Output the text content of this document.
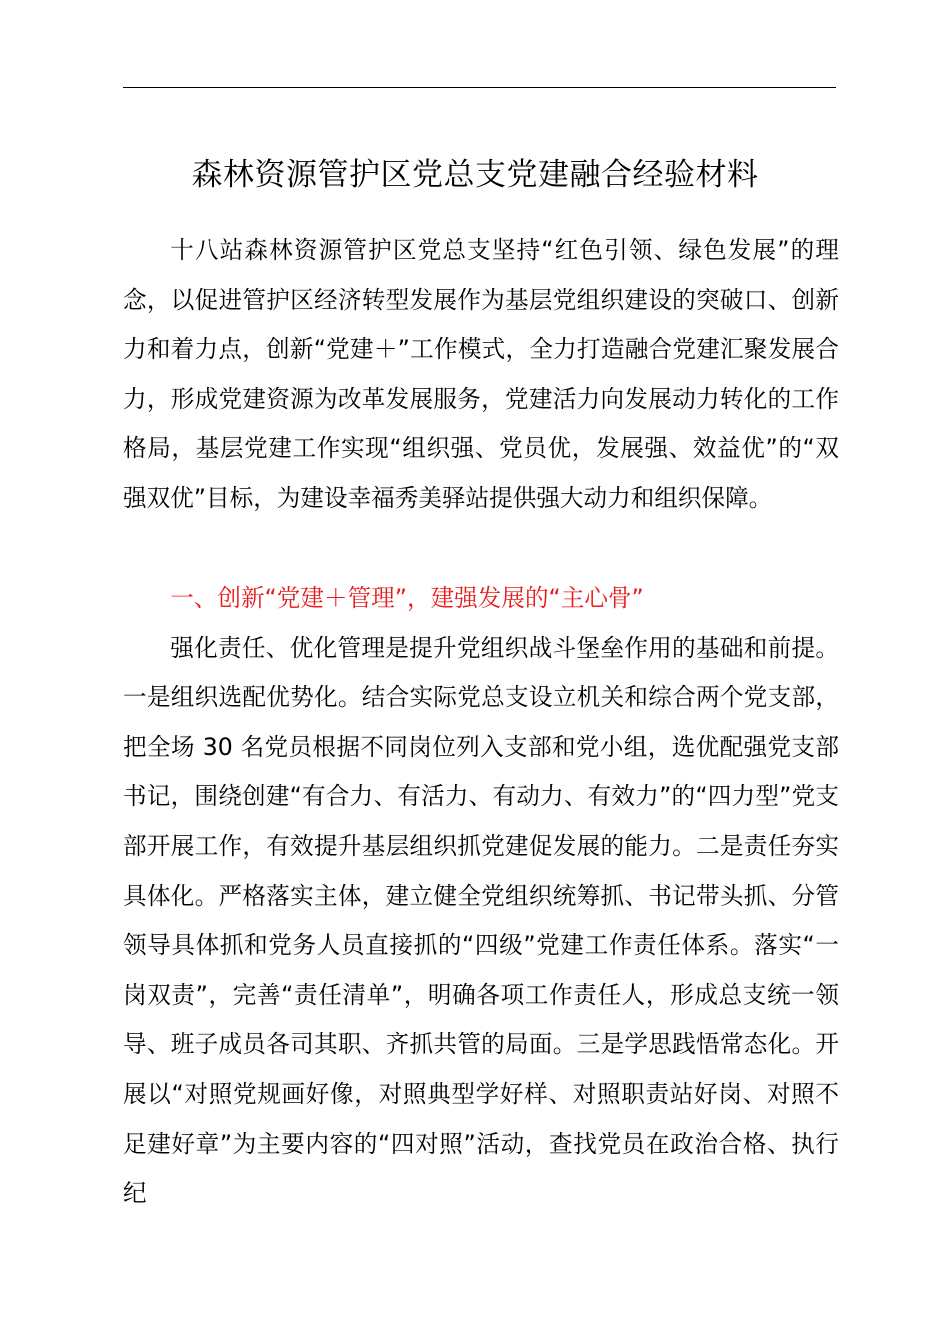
森林资源管护区党总支党建融合经验材料

十八站森林资源管护区党总支坚持“红色引领、绿色发展”的理念，以促进管护区经济转型发展作为基层党组织建设的突破口、创新力和着力点，创新“党建＋”工作模式，全力打造融合党建汇聚发展合力，形成党建资源为改革发展服务，党建活力向发展动力转化的工作格局，基层党建工作实现“组织强、党员优，发展强、效益优”的“双强双优”目标，为建设幸福秀美驿站提供强大动力和组织保障。

一、创新“党建＋管理”，建强发展的“主心骨”

强化责任、优化管理是提升党组织战斗堡垒作用的基础和前提。一是组织选配优势化。结合实际党总支设立机关和综合两个党支部，把全场 30 名党员根据不同岗位列入支部和党小组，选优配强党支部书记，围绕创建“有合力、有活力、有动力、有效力”的“四力型”党支部开展工作，有效提升基层组织抓党建促发展的能力。二是责任夯实具体化。严格落实主体，建立健全党组织统筹抓、书记带头抓、分管领导具体抓和党务人员直接抓的“四级”党建工作责任体系。落实“一岗双责”，完善“责任清单”，明确各项工作责任人，形成总支统一领导、班子成员各司其职、齐抓共管的局面。三是学思践悟常态化。开展以“对照党规画好像，对照典型学好样、对照职责站好岗、对照不足建好章”为主要内容的“四对照”活动，查找党员在政治合格、执行纪
